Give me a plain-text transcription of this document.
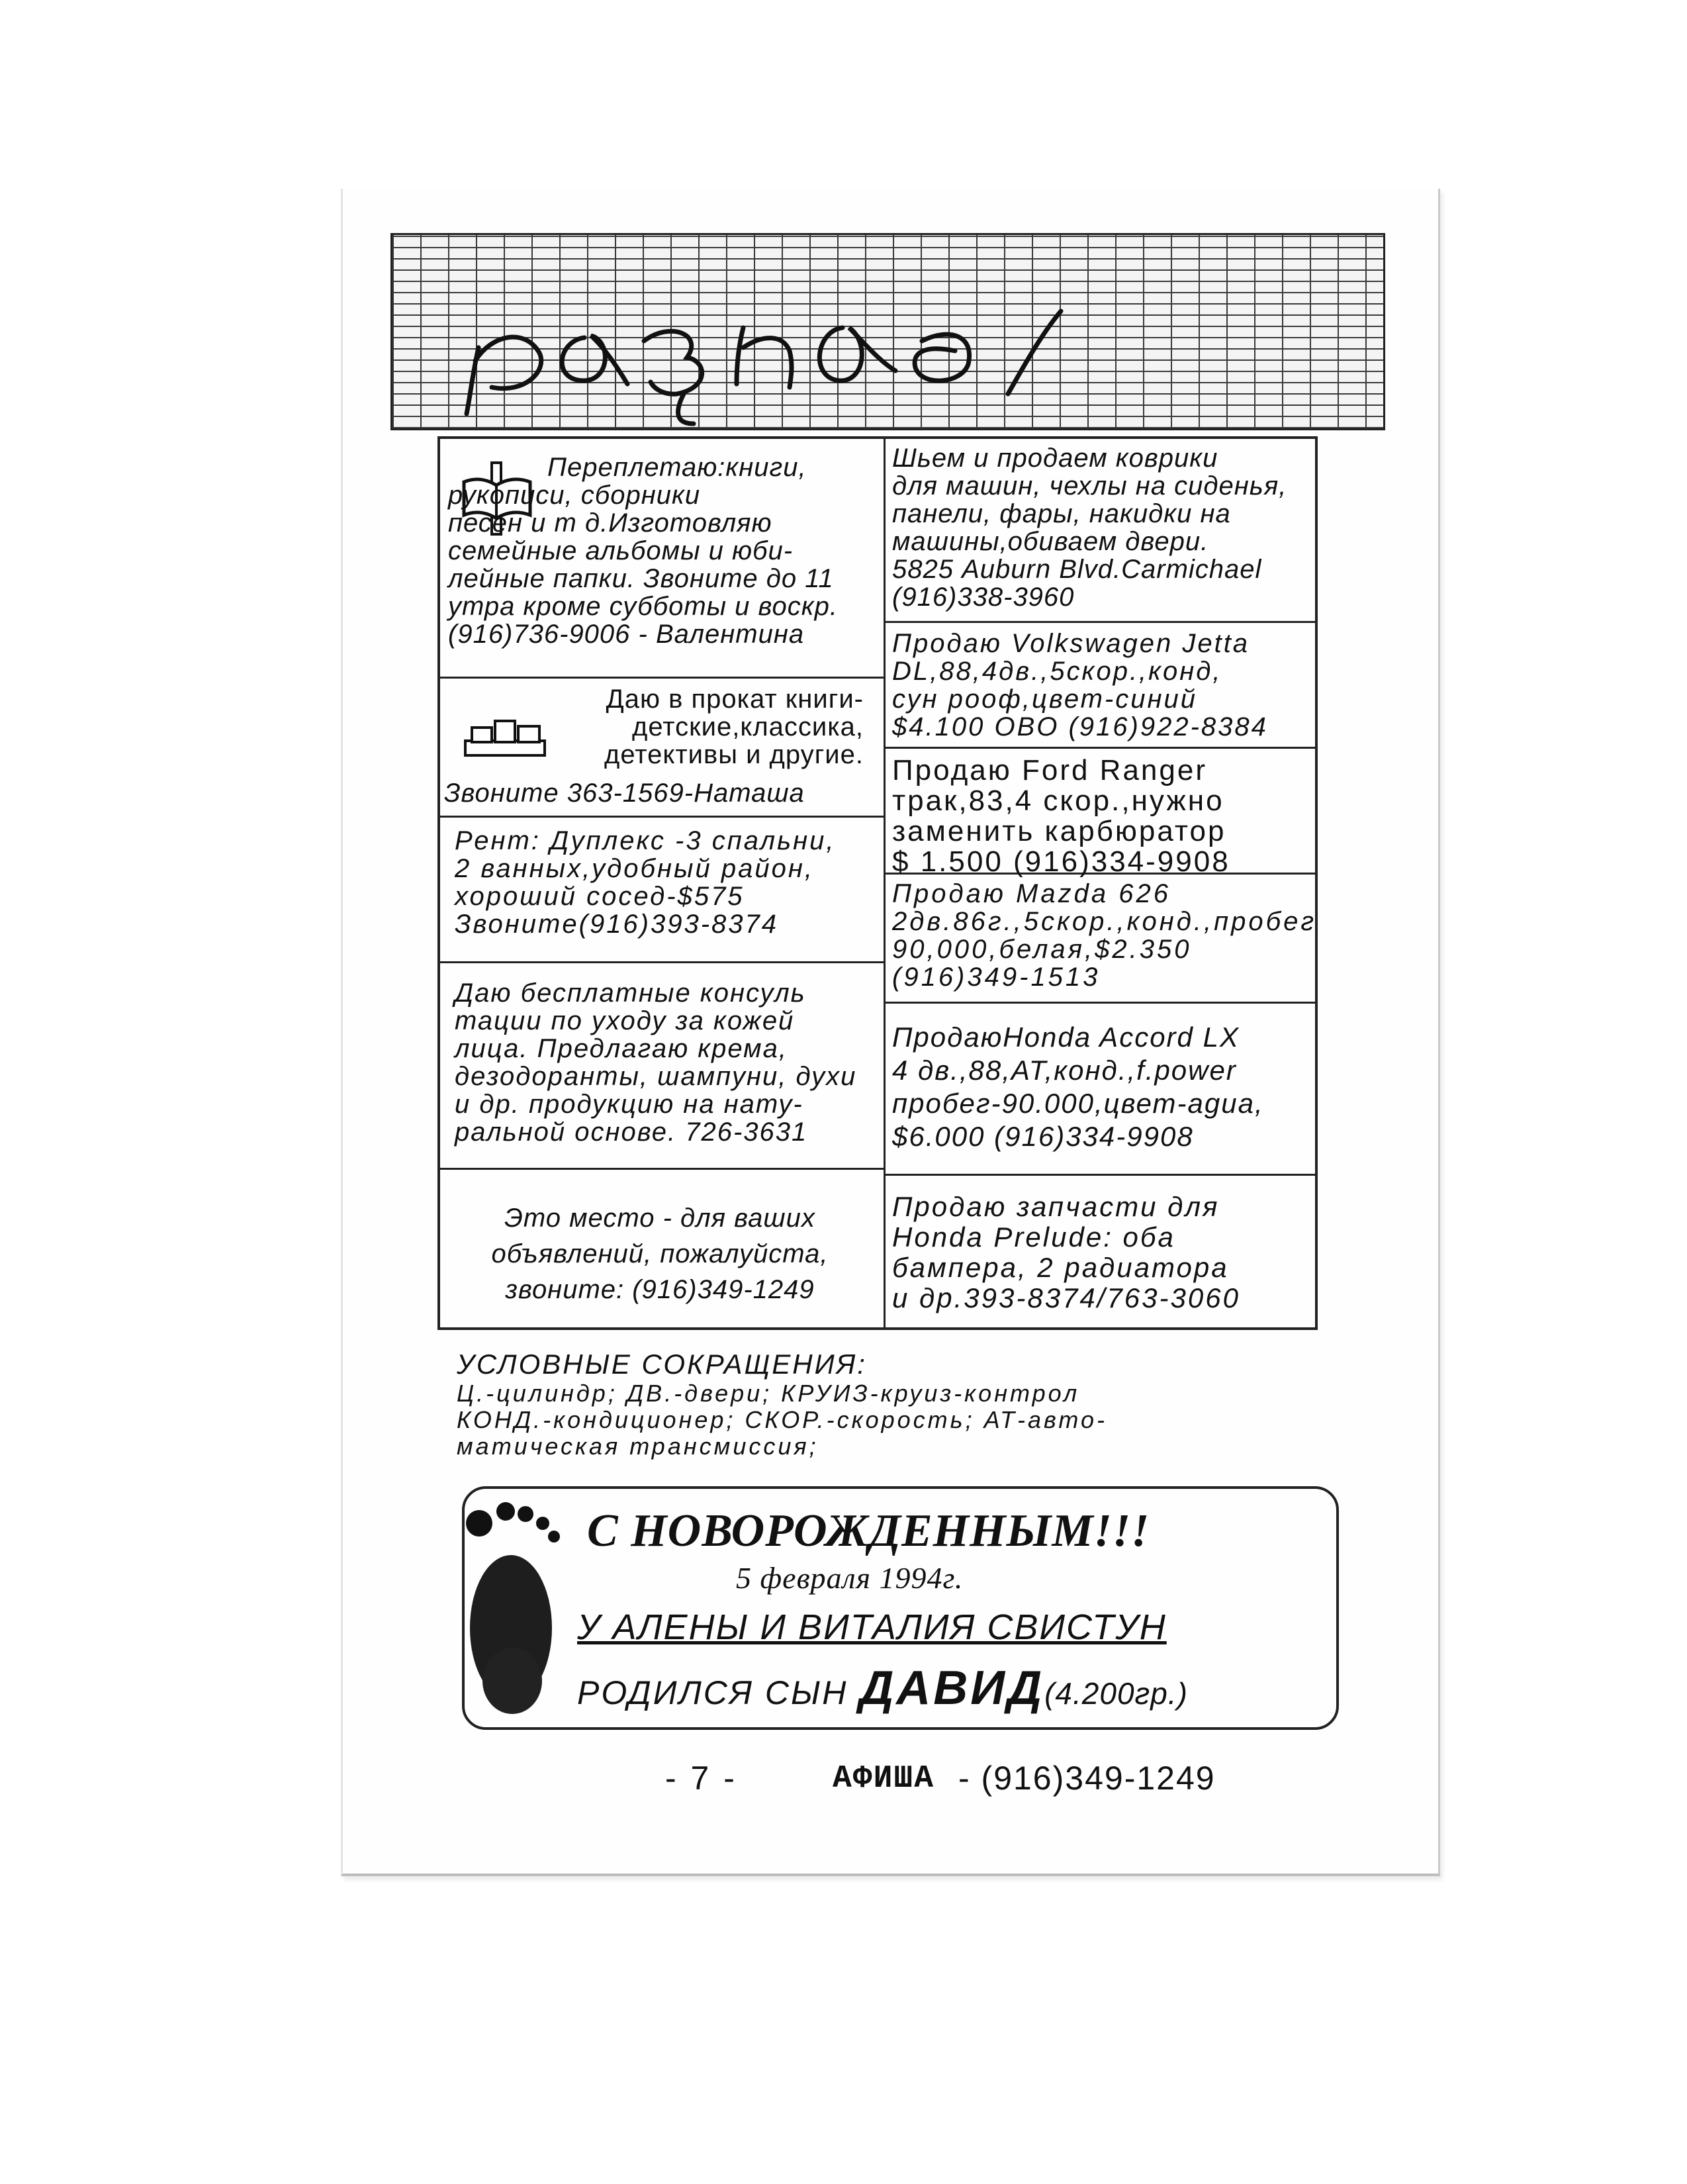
разное
Переплетаю:книги,
рукописи, сборники
песен и т д.Изготовляю
семейные альбомы и юби-
лейные папки. Звоните до 11
утра кроме субботы и воскр.
(916)736-9006 - Валентина
Даю в прокат книги-
детские,классика,
детективы и другие.
Звоните 363-1569-Наташа
Рент: Дуплекс -3 спальни,
2 ванных,удобный район,
хороший сосед-$575
Звоните(916)393-8374
Даю бесплатные консуль
тации по уходу за кожей
лица. Предлагаю крема,
дезодоранты, шампуни, духи
и др. продукцию на нату-
ральной основе. 726-3631
Это место - для ваших
объявлений, пожалуйста,
звоните: (916)349-1249
Шьем и продаем коврики
для машин, чехлы на сиденья,
панели, фары, накидки на
машины,обиваем двери.
5825 Auburn Blvd.Carmichael
(916)338-3960
Продаю Volkswagen Jetta
DL,88,4дв.,5скор.,конд,
сун рооф,цвет-синий
$4.100 OBO (916)922-8384
Продаю Ford Ranger
трак,83,4 скор.,нужно
заменить карбюратор
$ 1.500 (916)334-9908
Продаю Mazda 626
2дв.86г.,5скор.,конд.,пробег
90,000,белая,$2.350
(916)349-1513
ПродаюHonda Accord LX
4 дв.,88,AT,конд.,f.power
пробег-90.000,цвет-agua,
$6.000 (916)334-9908
Продаю запчасти для
Honda Prelude: оба
бампера, 2 радиатора
и др.393-8374/763-3060
УСЛОВНЫЕ СОКРАЩЕНИЯ:
Ц.-цилиндр; ДВ.-двери; КРУИЗ-круиз-контрол
КОНД.-кондиционер; СКОР.-скорость; АТ-авто-
матическая трансмиссия;
С НОВОРОЖДЕННЫМ!!!
5 февраля 1994г.
У АЛЕНЫ И ВИТАЛИЯ СВИСТУН
РОДИЛСЯ СЫН ДАВИД(4.200гр.)
- 7 -	АФИША - (916)349-1249
